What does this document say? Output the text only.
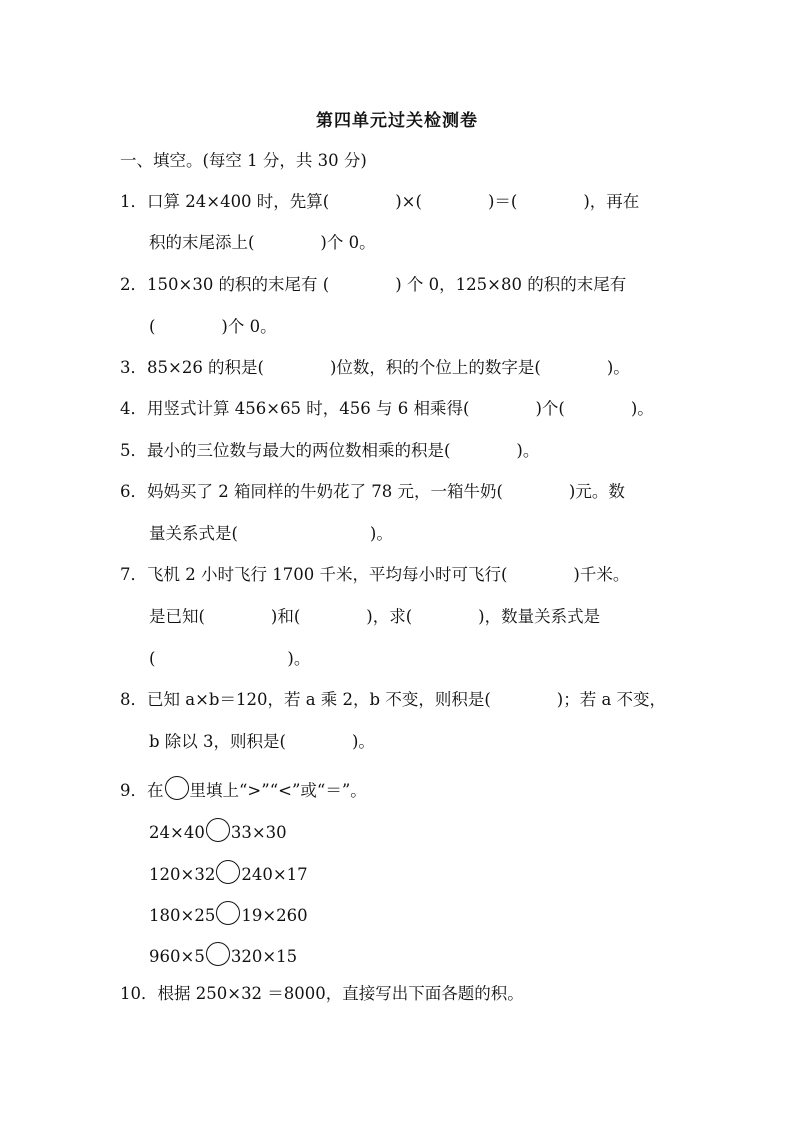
第四单元过关检测卷
一、填空。(每空 1 分，共 30 分)
1．口算 24×400 时，先算(　　　　)×(　　　　)＝(　　　　)，再在
积的末尾添上(　　　　)个 0。
2．150×30 的积的末尾有 (　　　　) 个 0，125×80 的积的末尾有
(　　　　)个 0。
3．85×26 的积是(　　　　)位数，积的个位上的数字是(　　　　)。
4．用竖式计算 456×65 时，456 与 6 相乘得(　　　　)个(　　　　)。
5．最小的三位数与最大的两位数相乘的积是(　　　　)。
6．妈妈买了 2 箱同样的牛奶花了 78 元，一箱牛奶(　　　　)元。数
量关系式是(　　　　　　　　)。
7．飞机 2 小时飞行 1700 千米，平均每小时可飞行(　　　　)千米。
是已知(　　　　)和(　　　　)，求(　　　　)，数量关系式是
(　　　　　　　　)。
8．已知 a×b＝120，若 a 乘 2，b 不变，则积是(　　　　)；若 a 不变，
b 除以 3，则积是(　　　　)。
9．在 里填上“>”“<”或“＝”。
24×40 33×30
120×32 240×17
180×25 19×260
960×5 320×15
10．根据 250×32 ＝8000，直接写出下面各题的积。
